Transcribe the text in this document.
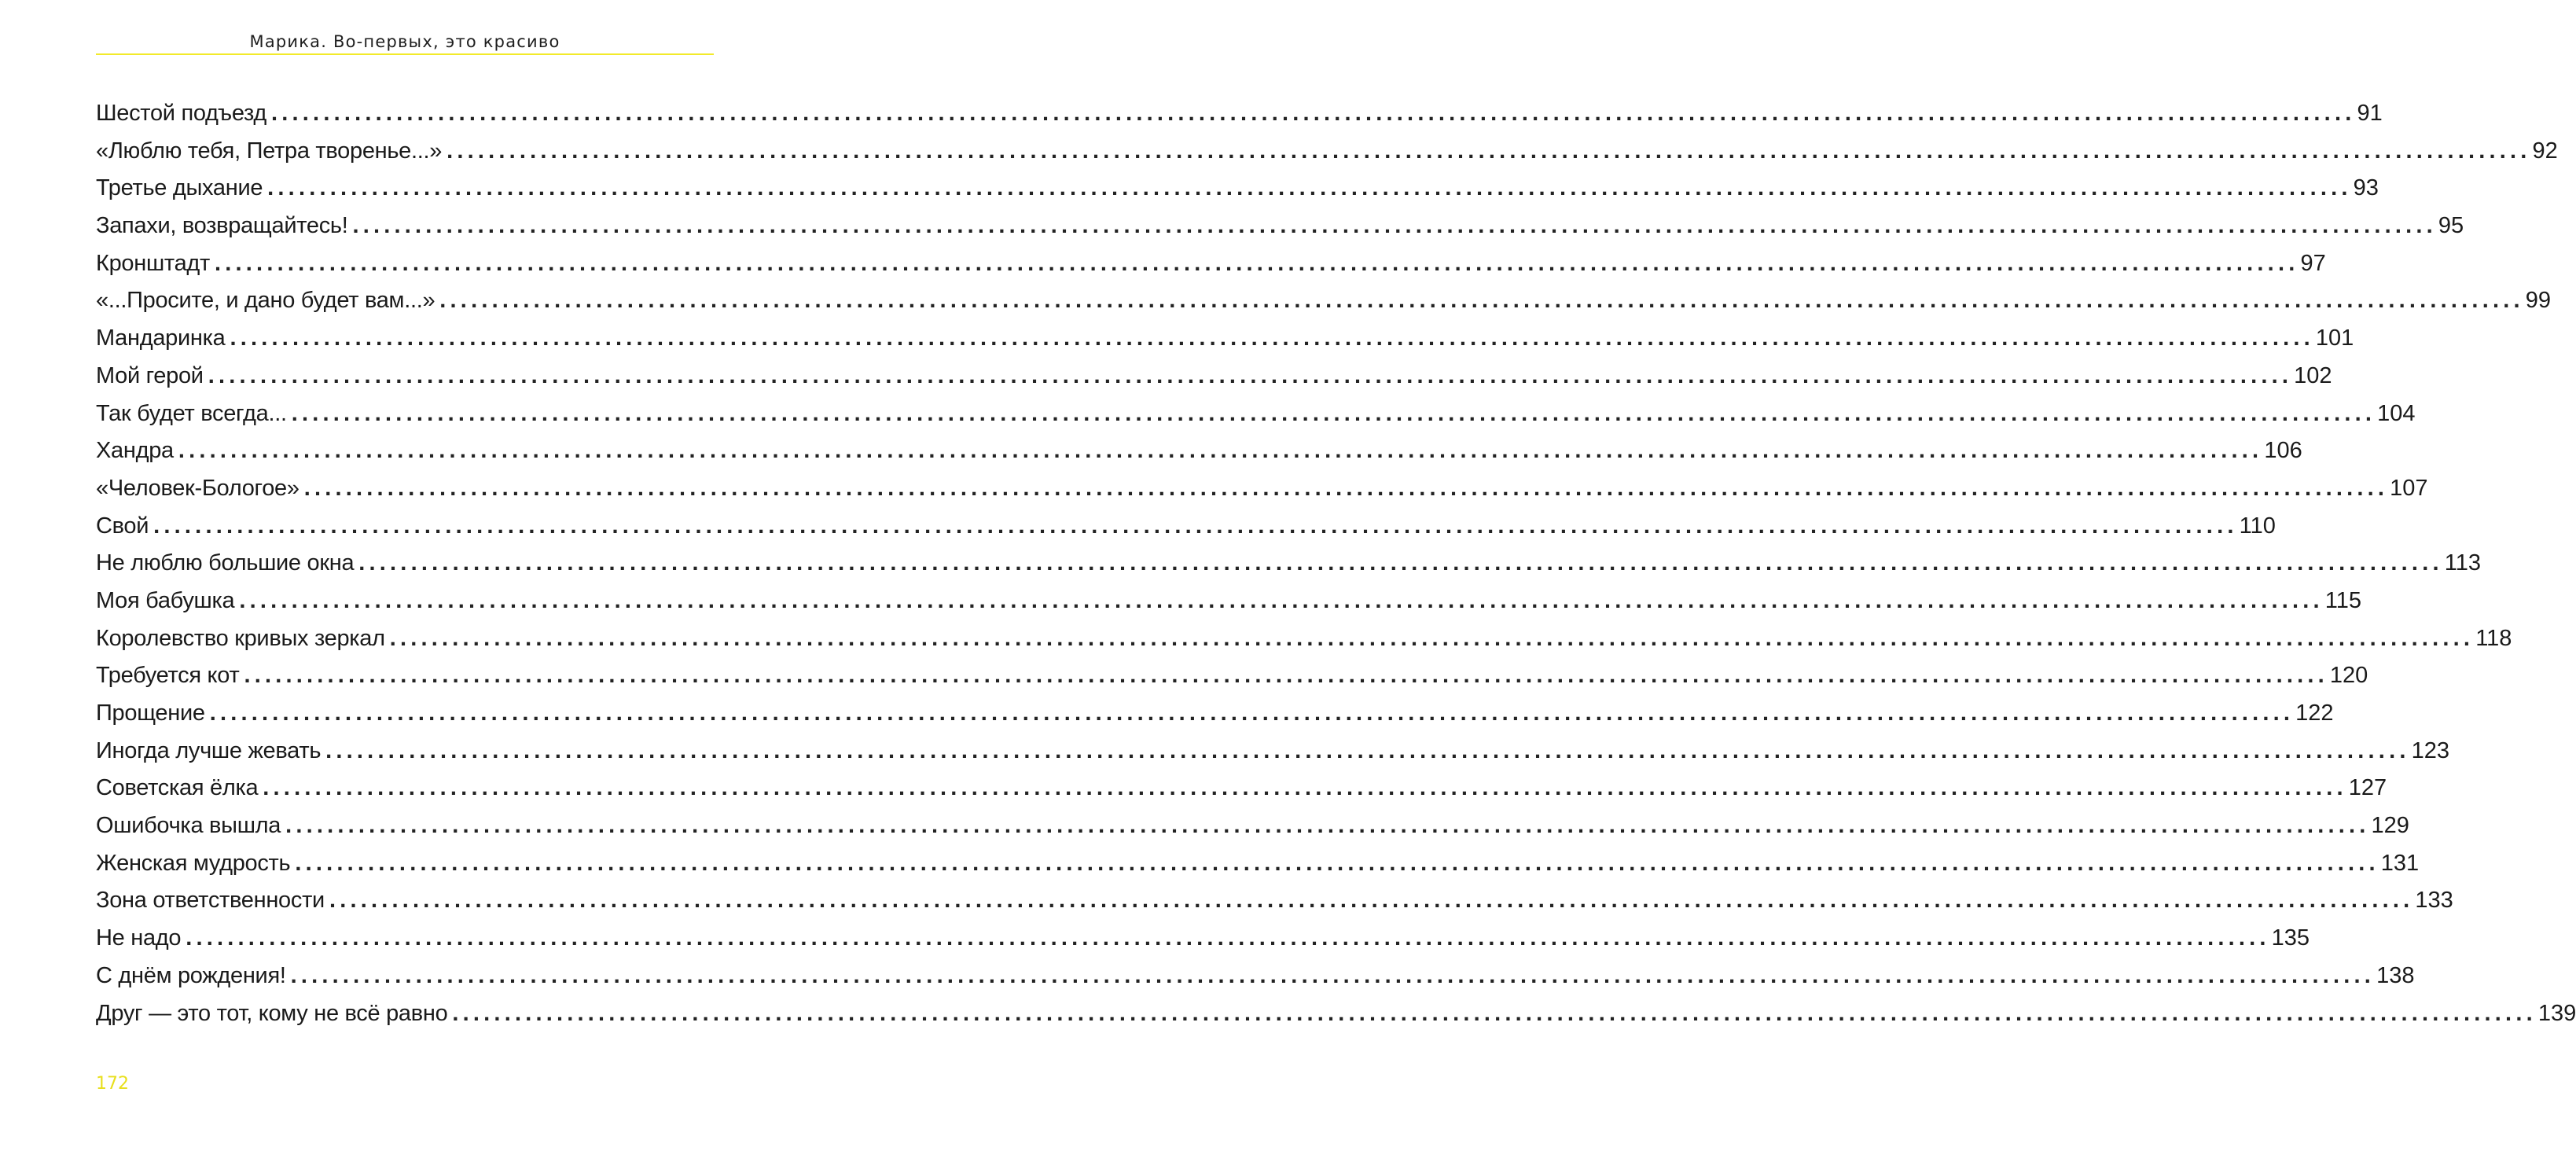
Марика. Во-первых, это красиво
Шестой подъезд ........................................................................................................................................................................................................ 91
«Люблю тебя, Петра творенье...» ........................................................................................................................................................................................................ 92
Третье дыхание ........................................................................................................................................................................................................ 93
Запахи, возвращайтесь! ........................................................................................................................................................................................................ 95
Кронштадт ........................................................................................................................................................................................................ 97
«...Просите, и дано будет вам...» ........................................................................................................................................................................................................ 99
Мандаринка ........................................................................................................................................................................................................ 101
Мой герой ........................................................................................................................................................................................................ 102
Так будет всегда... ........................................................................................................................................................................................................ 104
Хандра ........................................................................................................................................................................................................ 106
«Человек-Бологое» ........................................................................................................................................................................................................ 107
Свой ........................................................................................................................................................................................................ 110
Не люблю большие окна ........................................................................................................................................................................................................ 113
Моя бабушка ........................................................................................................................................................................................................ 115
Королевство кривых зеркал ........................................................................................................................................................................................................ 118
Требуется кот ........................................................................................................................................................................................................ 120
Прощение ........................................................................................................................................................................................................ 122
Иногда лучше жевать ........................................................................................................................................................................................................ 123
Советская ёлка ........................................................................................................................................................................................................ 127
Ошибочка вышла ........................................................................................................................................................................................................ 129
Женская мудрость ........................................................................................................................................................................................................ 131
Зона ответственности ........................................................................................................................................................................................................ 133
Не надо ........................................................................................................................................................................................................ 135
С днём рождения! ........................................................................................................................................................................................................ 138
Друг — это тот, кому не всё равно ........................................................................................................................................................................................................ 139
172
